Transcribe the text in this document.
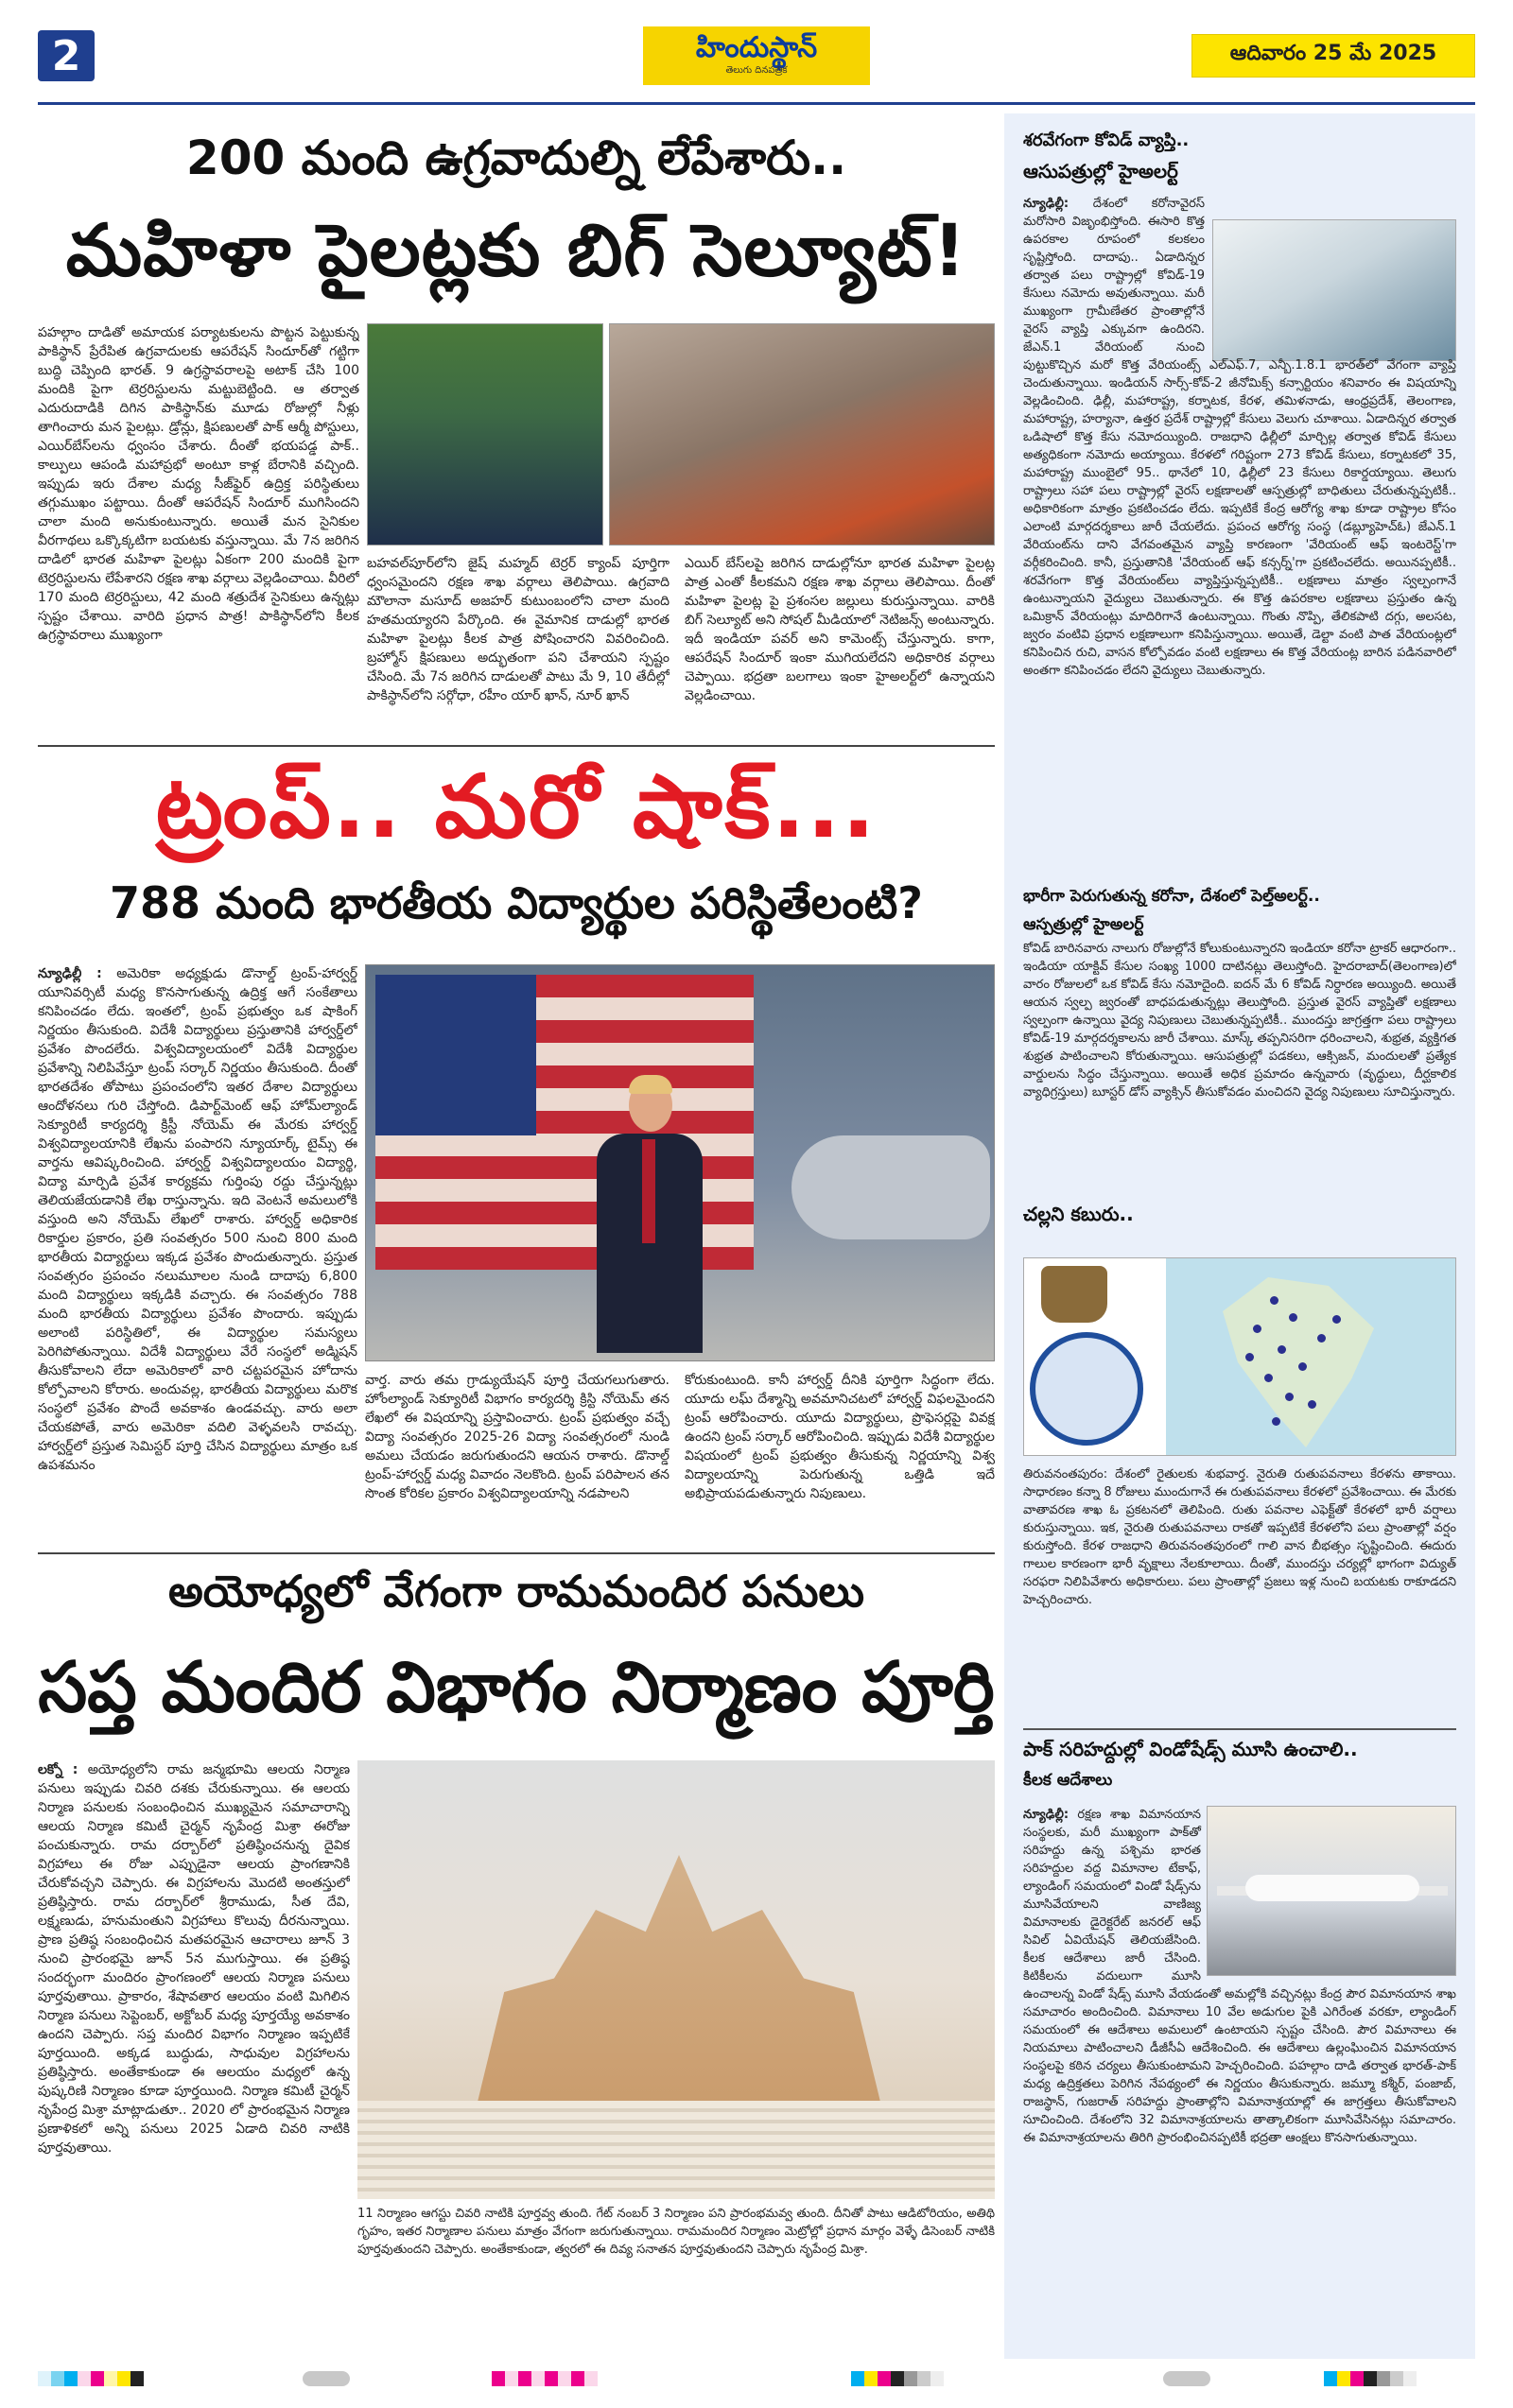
2	హిందుస్థాన్
తెలుగు దినపత్రిక
ఆదివారం 25 మే 2025
200 మంది ఉగ్రవాదుల్ని లేపేశారు..
మహిళా పైలట్లకు బిగ్ సెల్యూట్!
పహల్గాం దాడితో అమాయక పర్యాటకులను పొట్టన పెట్టుకున్న పాకిస్థాన్ ప్రేరేపిత ఉగ్రవాదులకు ఆపరేషన్ సిందూర్‌తో గట్టిగా బుద్ధి చెప్పింది భారత్. 9 ఉగ్రస్థావరాలపై అటాక్ చేసి 100 మందికి పైగా టెర్రరిస్టులను మట్టుబెట్టింది. ఆ తర్వాత ఎదురుదాడికి దిగిన పాకిస్థాన్‌కు మూడు రోజుల్లో నీళ్లు తాగించారు మన పైలట్లు. డ్రోన్లు, క్షిపణులతో పాక్ ఆర్మీ పోస్టులు, ఎయిర్‌బేస్‌లను ధ్వంసం చేశారు. దీంతో భయపడ్డ పాక్.. కాల్పులు ఆపండి మహాప్రభో అంటూ కాళ్ల బేరానికి వచ్చింది. ఇప్పుడు ఇరు దేశాల మధ్య సీజ్‌ఫైర్ ఉద్రిక్త పరిస్థితులు తగ్గుముఖం పట్టాయి. దీంతో ఆపరేషన్ సిందూర్ ముగిసిందని చాలా మంది అనుకుంటున్నారు. అయితే మన సైనికుల వీరగాథలు ఒక్కొక్కటిగా బయటకు వస్తున్నాయి. మే 7న జరిగిన దాడిలో భారత మహిళా పైలట్లు ఏకంగా 200 మందికి పైగా టెర్రరిస్టులను లేపేశారని రక్షణ శాఖ వర్గాలు వెల్లడించాయి. వీరిలో 170 మంది టెర్రరిస్టులు, 42 మంది శత్రుదేశ సైనికులు ఉన్నట్లు స్పష్టం చేశాయి. వారిది ప్రధాన పాత్ర! పాకిస్థాన్‌లోని కీలక ఉగ్రస్థావరాలు ముఖ్యంగా
బహవల్‌పూర్‌లోని జైష్ మహ్మద్ టెర్రర్ క్యాంప్ పూర్తిగా ధ్వంసమైందని రక్షణ శాఖ వర్గాలు తెలిపాయి. ఉగ్రవాది మౌలానా మసూద్ అజహర్ కుటుంబంలోని చాలా మంది హతమయ్యారని పేర్కొంది. ఈ వైమానిక దాడుల్లో భారత మహిళా పైలట్లు కీలక పాత్ర పోషించారని వివరించింది. బ్రహ్మోస్ క్షిపణులు అద్భుతంగా పని చేశాయని స్పష్టం చేసింది. మే 7న జరిగిన దాడులతో పాటు మే 9, 10 తేదీల్లో పాకిస్థాన్‌లోని సర్గోధా, రహీం యార్ ఖాన్, నూర్ ఖాన్
ఎయిర్ బేస్‌లపై జరిగిన దాడుల్లోనూ భారత మహిళా పైలట్ల పాత్ర ఎంతో కీలకమని రక్షణ శాఖ వర్గాలు తెలిపాయి. దీంతో మహిళా పైలట్ల పై ప్రశంసల జల్లులు కురుస్తున్నాయి. వారికి బిగ్ సెల్యూట్ అని సోషల్ మీడియాలో నెటిజన్స్ అంటున్నారు. ఇదీ ఇండియా పవర్ అని కామెంట్స్ చేస్తున్నారు. కాగా, ఆపరేషన్ సిందూర్ ఇంకా ముగియలేదని అధికారిక వర్గాలు చెప్పాయి. భద్రతా బలగాలు ఇంకా హైఅలర్ట్‌లో ఉన్నాయని వెల్లడించాయి.
ట్రంప్.. మరో షాక్...
788 మంది భారతీయ విద్యార్థుల పరిస్థితేలంటి?
న్యూఢిల్లీ : అమెరికా అధ్యక్షుడు డొనాల్డ్ ట్రంప్-హార్వర్డ్ యూనివర్సిటీ మధ్య కొనసాగుతున్న ఉద్రిక్త ఆగే సంకేతాలు కనిపించడం లేదు. ఇంతలో, ట్రంప్ ప్రభుత్వం ఒక షాకింగ్ నిర్ణయం తీసుకుంది. విదేశీ విద్యార్థులు ప్రస్తుతానికి హార్వర్డ్‌లో ప్రవేశం పొందలేరు. విశ్వవిద్యాలయంలో విదేశీ విద్యార్థుల ప్రవేశాన్ని నిలిపివేస్తూ ట్రంప్ సర్కార్ నిర్ణయం తీసుకుంది. దీంతో భారతదేశం తోపాటు ప్రపంచంలోని ఇతర దేశాల విద్యార్థులు ఆందోళనలు గురి చేస్తోంది. డిపార్ట్‌మెంట్ ఆఫ్ హోమ్‌ల్యాండ్ సెక్యూరిటీ కార్యదర్శి క్రిస్టీ నోయెమ్ ఈ మేరకు హార్వర్డ్ విశ్వవిద్యాలయానికి లేఖను పంపారని న్యూయార్క్ టైమ్స్ ఈ వార్తను ఆవిష్కరించింది. హార్వర్డ్ విశ్వవిద్యాలయం విద్యార్థి, విద్యా మార్పిడి ప్రవేశ కార్యక్రమ గుర్తింపు రద్దు చేస్తున్నట్లు తెలియజేయడానికి లేఖ రాస్తున్నాను. ఇది వెంటనే అమలులోకి వస్తుంది అని నోయెమ్ లేఖలో రాశారు. హార్వర్డ్ అధికారిక రికార్డుల ప్రకారం, ప్రతి సంవత్సరం 500 నుంచి 800 మంది భారతీయ విద్యార్థులు ఇక్కడ ప్రవేశం పొందుతున్నారు. ప్రస్తుత సంవత్సరం ప్రపంచం నలుమూలల నుండి దాదాపు 6,800 మంది విద్యార్థులు ఇక్కడికి వచ్చారు. ఈ సంవత్సరం 788 మంది భారతీయ విద్యార్థులు ప్రవేశం పొందారు. ఇప్పుడు అలాంటి పరిస్థితిలో, ఈ విద్యార్థుల సమస్యలు పెరిగిపోతున్నాయి. విదేశీ విద్యార్థులు వేరే సంస్థలో అడ్మిషన్ తీసుకోవాలని లేదా అమెరికాలో వారి చట్టపరమైన హోదాను కోల్పోవాలని కోరారు. అందువల్ల, భారతీయ విద్యార్థులు మరొక సంస్థలో ప్రవేశం పొందే అవకాశం ఉండవచ్చు. వారు అలా చేయకపోతే, వారు అమెరికా వదిలి వెళ్ళవలసి రావచ్చు. హార్వర్డ్‌లో ప్రస్తుత సెమిస్టర్ పూర్తి చేసిన విద్యార్థులు మాత్రం ఒక ఉపశమనం
వార్త. వారు తమ గ్రాడ్యుయేషన్ పూర్తి చేయగలుగుతారు. హోంల్యాండ్ సెక్యూరిటీ విభాగం కార్యదర్శి క్రిస్టి నోయెమ్ తన లేఖలో ఈ విషయాన్ని ప్రస్తావించారు. ట్రంప్ ప్రభుత్వం వచ్చే విద్యా సంవత్సరం 2025-26 విద్యా సంవత్సరంలో నుండి అమలు చేయడం జరుగుతుందని ఆయన రాశారు. డొనాల్డ్ ట్రంప్-హార్వర్డ్ మధ్య వివాదం నెలకొంది. ట్రంప్ పరిపాలన తన సొంత కోరికల ప్రకారం విశ్వవిద్యాలయాన్ని నడపాలని
కోరుకుంటుంది. కానీ హార్వర్డ్ దీనికి పూర్తిగా సిద్ధంగా లేదు. యూదు లఘ్ దేశ్మాన్ని అవమానిచటలో హార్వర్డ్ విఫలమైందని ట్రంప్ ఆరోపించారు. యూదు విద్యార్థులు, ప్రొఫెసర్లపై వివక్ష ఉందని ట్రంప్ సర్కార్ ఆరోపించింది. ఇప్పుడు విదేశీ విద్యార్థుల విషయంలో ట్రంప్ ప్రభుత్వం తీసుకున్న నిర్ణయాన్ని విశ్వ విద్యాలయాన్ని పెరుగుతున్న ఒత్తిడి ఇదే అభిప్రాయపడుతున్నారు నిపుణులు.
అయోధ్యలో వేగంగా రామమందిర పనులు
సప్త మందిర విభాగం నిర్మాణం పూర్తి
లక్నో : అయోధ్యలోని రామ జన్మభూమి ఆలయ నిర్మాణ పనులు ఇప్పుడు చివరి దశకు చేరుకున్నాయి. ఈ ఆలయ నిర్మాణ పనులకు సంబంధించిన ముఖ్యమైన సమాచారాన్ని ఆలయ నిర్మాణ కమిటీ చైర్మన్ నృపేంద్ర మిశ్రా ఈరోజు పంచుకున్నారు. రామ దర్బార్‌లో ప్రతిష్ఠించనున్న దైవిక విగ్రహాలు ఈ రోజు ఎప్పుడైనా ఆలయ ప్రాంగణానికి చేరుకోవచ్చని చెప్పారు. ఈ విగ్రహాలను మొదటి అంతస్తులో ప్రతిష్ఠిస్తారు. రామ దర్బార్‌లో శ్రీరాముడు, సీత దేవి, లక్ష్మణుడు, హనుమంతుని విగ్రహాలు కొలువు దీరనున్నాయి. ప్రాణ ప్రతిష్ఠ సంబంధించిన మతపరమైన ఆచారాలు జూన్ 3 నుంచి ప్రారంభమై జూన్ 5న ముగుస్తాయి. ఈ ప్రతిష్ఠ సందర్భంగా మందిరం ప్రాంగణంలో ఆలయ నిర్మాణ పనులు పూర్తవుతాయి. ప్రాకారం, శేషావతార ఆలయం వంటి మిగిలిన నిర్మాణ పనులు సెప్టెంబర్, అక్టోబర్ మధ్య పూర్తయ్యే అవకాశం ఉందని చెప్పారు. సప్త మందిర విభాగం నిర్మాణం ఇప్పటికే పూర్తయింది. అక్కడ బుద్ధుడు, సాధువుల విగ్రహాలను ప్రతిష్ఠిస్తారు. అంతేకాకుండా ఈ ఆలయం మధ్యలో ఉన్న పుష్కరిణి నిర్మాణం కూడా పూర్తయింది. నిర్మాణ కమిటీ చైర్మన్ నృపేంద్ర మిశ్రా మాట్లాడుతూ.. 2020 లో ప్రారంభమైన నిర్మాణ ప్రణాళికలో అన్ని పనులు 2025 ఏడాది చివరి నాటికి పూర్తవుతాయి.
11 నిర్మాణం ఆగస్టు చివరి నాటికి పూర్తవ్వ తుంది. గేట్ నంబర్ 3 నిర్మాణం పని ప్రారంభమవ్వ తుంది. దీనితో పాటు ఆడిటోరియం, అతిథి గృహం, ఇతర నిర్మాణాల పనులు మాత్రం వేగంగా జరుగుతున్నాయి. రామమందిర నిర్మాణం మెట్రోల్లో ప్రధాన మార్గం వెళ్ళే డిసెంబర్ నాటికి పూర్తవుతుందని చెప్పారు. అంతేకాకుండా, త్వరలో ఈ దివ్య సనాతన పూర్తవుతుందని చెప్పారు నృపేంద్ర మిశ్రా.
శరవేగంగా కోవిడ్ వ్యాప్తి..
ఆసుపత్రుల్లో హైఅలర్ట్
న్యూఢిల్లీ: దేశంలో కరోనావైరస్ మరోసారి విజృంభిస్తోంది. ఈసారి కొత్త ఉపరకాల రూపంలో కలకలం సృష్టిస్తోంది. దాదాపు.. ఏడాదిన్నర తర్వాత పలు రాష్ట్రాల్లో కోవిడ్-19 కేసులు నమోదు అవుతున్నాయి. మరీ ముఖ్యంగా గ్రామీణేతర ప్రాంతాల్లోనే వైరస్ వ్యాప్తి ఎక్కువగా ఉందిరని. జేఎన్.1 వేరియంట్ నుంచి పుట్టుకొచ్చిన మరో కొత్త వేరియంట్స్ ఎల్ఎఫ్.7, ఎన్బీ.1.8.1 భారత్‌లో వేగంగా వ్యాప్తి చెందుతున్నాయి. ఇండియన్ సార్స్-కోవ్-2 జీనోమిక్స్ కన్సార్టియం శనివారం ఈ విషయాన్ని వెల్లడించింది. ఢిల్లీ, మహారాష్ట్ర, కర్నాటక, కేరళ, తమిళనాడు, ఆంధ్రప్రదేశ్, తెలంగాణ, మహారాష్ట్ర, హర్యానా, ఉత్తర ప్రదేశ్ రాష్ట్రాల్లో కేసులు వెలుగు చూశాయి. ఏడాదిన్నర తర్వాత ఒడిషాలో కొత్త కేసు నమోదయ్యింది. రాజధాని ఢిల్లీలో మార్చిల్ల తర్వాత కోవిడ్ కేసులు అత్యధికంగా నమోదు అయ్యాయి. కేరళలో గరిష్టంగా 273 కోవిడ్ కేసులు, కర్నాటకలో 35, మహారాష్ట్ర ముంబైలో 95.. థానేలో 10, ఢిల్లీలో 23 కేసులు రికార్డయ్యాయి. తెలుగు రాష్ట్రాలు సహా పలు రాష్ట్రాల్లో వైరస్ లక్షణాలతో ఆస్పత్రుల్లో బాధితులు చేరుతున్నప్పటికీ.. అధికారికంగా మాత్రం ప్రకటించడం లేదు. ఇప్పటికే కేంద్ర ఆరోగ్య శాఖ కూడా రాష్ట్రాల కోసం ఎలాంటి మార్గదర్శకాలు జారీ చేయలేదు. ప్రపంచ ఆరోగ్య సంస్థ (డబ్ల్యూహెచ్‌ఓ) జేఎన్.1 వేరియంట్‌ను దాని వేగవంతమైన వ్యాప్తి కారణంగా 'వేరియంట్ ఆఫ్ ఇంటరెస్ట్'గా వర్గీకరించింది. కానీ, ప్రస్తుతానికి 'వేరియంట్ ఆఫ్ కన్సర్న్'గా ప్రకటించలేదు. అయినప్పటికీ.. శరవేగంగా కొత్త వేరియంట్‌లు వ్యాప్తిస్తున్నప్పటికీ.. లక్షణాలు మాత్రం స్వల్పంగానే ఉంటున్నాయని వైద్యులు చెబుతున్నారు. ఈ కొత్త ఉపరకాల లక్షణాలు ప్రస్తుతం ఉన్న ఒమిక్రాన్ వేరియంట్లు మాదిరిగానే ఉంటున్నాయి. గొంతు నొప్పి, తేలికపాటి దగ్గు, అలసట, జ్వరం వంటివి ప్రధాన లక్షణాలుగా కనిపిస్తున్నాయి. అయితే, డెల్టా వంటి పాత వేరియంట్లలో కనిపించిన రుచి, వాసన కోల్పోవడం వంటి లక్షణాలు ఈ కొత్త వేరియంట్ల బారిన పడినవారిలో అంతగా కనిపించడం లేదని వైద్యులు చెబుతున్నారు.
భారీగా పెరుగుతున్న కరోనా, దేశంలో పెల్త్అలర్ట్..
ఆస్పత్రుల్లో హైఅలర్ట్
కోవిడ్ బారినవారు నాలుగు రోజుల్లోనే కోలుకుంటున్నారని ఇండియా కరోనా ట్రాకర్ ఆధారంగా.. ఇండియా యాక్టివ్ కేసుల సంఖ్య 1000 దాటినట్లు తెలుస్తోంది. హైదరాబాద్(తెలంగాణ)లో వారం రోజులలో ఒక కోవిడ్ కేసు నమోదైంది. ఐద‌న్ మే 6 కోవిడ్ నిర్ధారణ అయ్యింది. అయితే ఆయన స్వల్ప జ్వరంతో బాధపడుతున్నట్లు తెలుస్తోంది. ప్రస్తుత వైరస్ వ్యాప్తితో లక్షణాలు స్వల్పంగా ఉన్నాయి వైద్య నిపుణులు చెబుతున్నప్పటికీ.. ముందస్తు జాగ్రత్తగా పలు రాష్ట్రాలు కోవిడ్-19 మార్గదర్శకాలను జారీ చేశాయి. మాస్క్ తప్పనిసరిగా ధరించాలని, శుభ్రత, వ్యక్తిగత శుభ్రత పాటించాలని కోరుతున్నాయి. ఆసుపత్రుల్లో పడకలు, ఆక్సిజన్, మందులతో ప్రత్యేక వార్డులను సిద్ధం చేస్తున్నాయి. అయితే అధిక ప్రమాదం ఉన్నవారు (వృద్ధులు, దీర్ఘకాలిక వ్యాధిగ్రస్తులు) బూస్టర్ డోస్ వ్యాక్సిన్ తీసుకోవడం మంచిదని వైద్య నిపుణులు సూచిస్తున్నారు.
చల్లని కబురు..
తిరువనంతపురం: దేశంలో రైతులకు శుభవార్త. నైరుతి రుతుపవనాలు కేరళను తాకాయి. సాధారణం కన్నా 8 రోజులు ముందుగానే ఈ రుతుపవనాలు కేరళలో ప్రవేశించాయి. ఈ మేరకు వాతావరణ శాఖ ఓ ప్రకటనలో తెలిపింది. రుతు పవనాల ఎఫెక్ట్‌తో కేరళలో భారీ వర్షాలు కురుస్తున్నాయి. ఇక, నైరుతి రుతుపవనాలు రాకతో ఇప్పటికే కేరళలోని పలు ప్రాంతాల్లో వర్షం కురుస్తోంది. కేరళ రాజధాని తిరువనంతపురంలో గాలి వాన బీభత్సం సృష్టించింది. ఈదురు గాలుల కారణంగా భారీ వృక్షాలు నేలకూలాయి. దీంతో, ముందస్తు చర్యల్లో భాగంగా విద్యుత్ సరఫరా నిలిపివేశారు అధికారులు. పలు ప్రాంతాల్లో ప్రజలు ఇళ్ల నుంచి బయటకు రాకూడదని హెచ్చరించారు.
పాక్ సరిహద్దుల్లో విండోషేడ్స్ మూసి ఉంచాలి..
కీలక ఆదేశాలు
న్యూఢిల్లీ: రక్షణ శాఖ విమానయాన సంస్థలకు, మరీ ముఖ్యంగా పాక్‌తో సరిహద్దు ఉన్న పశ్చిమ భారత సరిహద్దుల వద్ద విమానాల టేకాఫ్, ల్యాండింగ్ సమయంలో విండో షేడ్స్‌ను మూసివేయాలని వాణిజ్య విమానాలకు డైరెక్టరేట్ జనరల్ ఆఫ్ సివిల్ ఏవియేషన్ తెలియజేసింది. కీలక ఆదేశాలు జారీ చేసింది. కిటికీలను వదులుగా మూసి ఉంచాలన్న విండో షేడ్స్ మూసి వేయడంతో అమల్లోకి వచ్చినట్లు కేంద్ర పౌర విమానయాన శాఖ సమాచారం అందించింది. విమానాలు 10 వేల అడుగుల పైకి ఎగిరేంత వరకూ, ల్యాండింగ్ సమయంలో ఈ ఆదేశాలు అమలులో ఉంటాయని స్పష్టం చేసింది. పౌర విమానాలు ఈ నియమాలు పాటించాలని డీజీసీఏ ఆదేశించింది. ఈ ఆదేశాలు ఉల్లంఘించిన విమానయాన సంస్థలపై కఠిన చర్యలు తీసుకుంటామని హెచ్చరించింది. పహల్గాం దాడి తర్వాత భారత్‌-పాక్ మధ్య ఉద్రిక్తతలు పెరిగిన నేపథ్యంలో ఈ నిర్ణయం తీసుకున్నారు. జమ్మూ కశ్మీర్, పంజాబ్, రాజస్థాన్, గుజరాత్ సరిహద్దు ప్రాంతాల్లోని విమానాశ్రయాల్లో ఈ జాగ్రత్తలు తీసుకోవాలని సూచించింది. దేశంలోని 32 విమానాశ్రయాలను తాత్కాలికంగా మూసివేసినట్లు సమాచారం. ఈ విమానాశ్రయాలను తిరిగి ప్రారంభించినప్పటికీ భద్రతా ఆంక్షలు కొనసాగుతున్నాయి.
